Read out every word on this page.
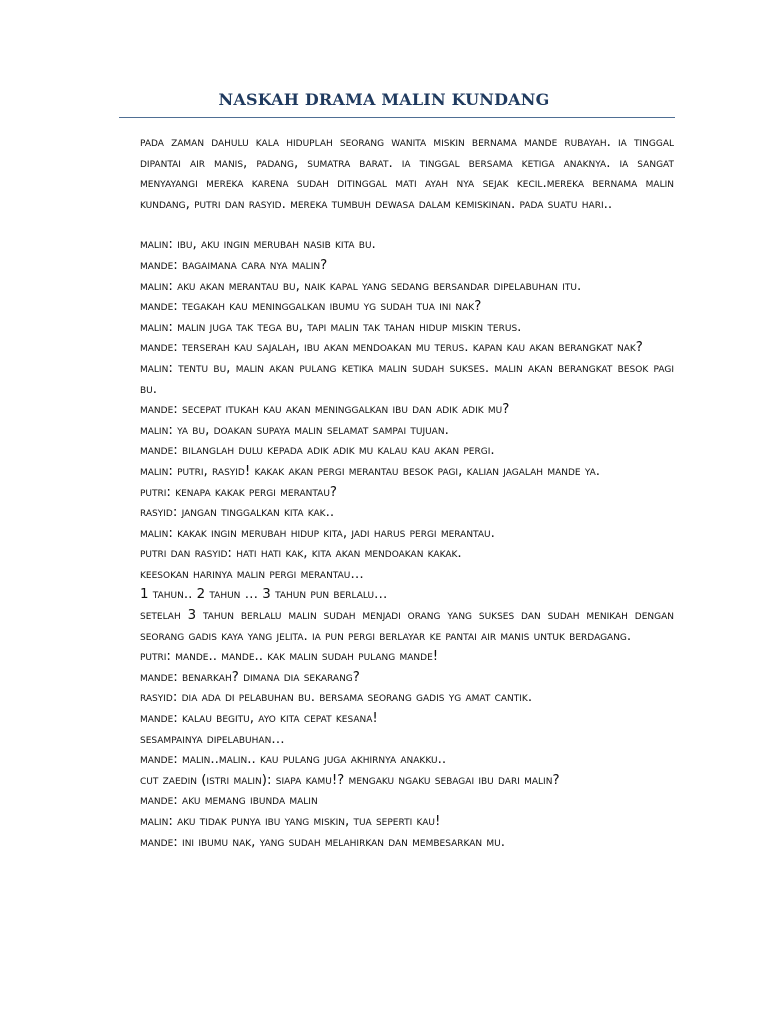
NASKAH DRAMA MALIN KUNDANG

pada zaman dahulu kala hiduplah seorang wanita miskin bernama mande rubayah. ia tinggal dipantai air manis, padang, sumatra barat. ia tinggal bersama ketiga anaknya. ia sangat menyayangi mereka karena sudah ditinggal mati ayah nya sejak kecil.mereka bernama malin kundang, putri dan rasyid. mereka tumbuh dewasa dalam kemiskinan. pada suatu hari..

malin: ibu, aku ingin merubah nasib kita bu.

mande: bagaimana cara nya malin?

malin: aku akan merantau bu, naik kapal yang sedang bersandar dipelabuhan itu.

mande: tegakah kau meninggalkan ibumu yg sudah tua ini nak?

malin: malin juga tak tega bu, tapi malin tak tahan hidup miskin terus.

mande: terserah kau sajalah, ibu akan mendoakan mu terus. kapan kau akan berangkat nak?

malin: tentu bu, malin akan pulang ketika malin sudah sukses. malin akan berangkat besok pagi bu.

mande: secepat itukah kau akan meninggalkan ibu dan adik adik mu?

malin: ya bu, doakan supaya malin selamat sampai tujuan.

mande: bilanglah dulu kepada adik adik mu kalau kau akan pergi.

malin: putri, rasyid! kakak akan pergi merantau besok pagi, kalian jagalah mande ya.

putri: kenapa kakak pergi merantau?

rasyid: jangan tinggalkan kita kak..

malin: kakak ingin merubah hidup kita, jadi harus pergi merantau.

putri dan rasyid: hati hati kak, kita akan mendoakan kakak.

keesokan harinya malin pergi merantau…

1 tahun.. 2 tahun … 3 tahun pun berlalu…

setelah 3 tahun berlalu malin sudah menjadi orang yang sukses dan sudah menikah dengan seorang gadis kaya yang jelita. ia pun pergi berlayar ke pantai air manis untuk berdagang.

putri: mande.. mande.. kak malin sudah pulang mande!

mande: benarkah? dimana dia sekarang?

rasyid: dia ada di pelabuhan bu. bersama seorang gadis yg amat cantik.

mande: kalau begitu, ayo kita cepat kesana!

sesampainya dipelabuhan…

mande: malin..malin.. kau pulang juga akhirnya anakku..

cut zaedin (istri malin): siapa kamu!? mengaku ngaku sebagai ibu dari malin?

mande: aku memang ibunda malin

malin: aku tidak punya ibu yang miskin, tua seperti kau!

mande: ini ibumu nak, yang sudah melahirkan dan membesarkan mu.
